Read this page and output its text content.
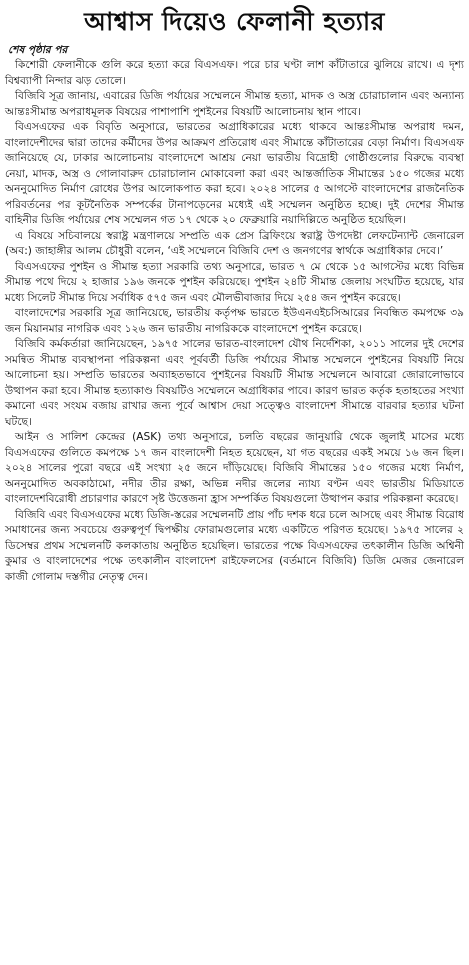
আশ্বাস দিয়েও ফেলানী হত্যার

শেষ পৃষ্ঠার পর

কিশোরী ফেলানীকে গুলি করে হত্যা করে বিএসএফ। পরে চার ঘণ্টা লাশ কাঁটাতারে ঝুলিয়ে রাখে। এ দৃশ্য বিশ্বব্যাপী নিন্দার ঝড় তোলে।

বিজিবি সূত্র জানায়, এবারের ডিজি পর্যায়ের সম্মেলনে সীমান্ত হত্যা, মাদক ও অস্ত্র চোরাচালান এবং অন্যান্য আন্তঃসীমান্ত অপরাধমূলক বিষয়ের পাশাপাশি পুশইনের বিষয়টি আলোচনায় স্থান পাবে।

বিএসএফের এক বিবৃতি অনুসারে, ভারতের অগ্রাধিকারের মধ্যে থাকবে আন্তঃসীমান্ত অপরাধ দমন, বাংলাদেশীদের দ্বারা তাদের কর্মীদের উপর আক্রমণ প্রতিরোধ এবং সীমান্তে কাঁটাতারের বেড়া নির্মাণ। বিএসএফ জানিয়েছে যে, ঢাকার আলোচনায় বাংলাদেশে আশ্রয় নেয়া ভারতীয় বিদ্রোহী গোষ্ঠীগুলোর বিরুদ্ধে ব্যবস্থা নেয়া, মাদক, অস্ত্র ও গোলাবারুদ চোরাচালান মোকাবেলা করা এবং আন্তর্জাতিক সীমান্তের ১৫০ গজের মধ্যে অননুমোদিত নির্মাণ রোধের উপর আলোকপাত করা হবে। ২০২৪ সালের ৫ আগস্টে বাংলাদেশের রাজনৈতিক পরিবর্তনের পর কূটনৈতিক সম্পর্কের টানাপড়েনের মধ্যেই এই সম্মেলন অনুষ্ঠিত হচ্ছে। দুই দেশের সীমান্ত বাহিনীর ডিজি পর্যায়ের শেষ সম্মেলন গত ১৭ থেকে ২০ ফেব্রুয়ারি নয়াদিল্লিতে অনুষ্ঠিত হয়েছিল।

এ বিষয়ে সচিবালয়ে স্বরাষ্ট্র মন্ত্রণালয়ে সম্প্রতি এক প্রেস ব্রিফিংয়ে স্বরাষ্ট্র উপদেষ্টা লেফটেন্যান্ট জেনারেল (অব:) জাহাঙ্গীর আলম চৌধুরী বলেন, ‘এই সম্মেলনে বিজিবি দেশ ও জনগণের স্বার্থকে অগ্রাধিকার দেবে।’

বিএসএফের পুশইন ও সীমান্ত হত্যা সরকারি তথ্য অনুসারে, ভারত ৭ মে থেকে ১৫ আগস্টের মধ্যে বিভিন্ন সীমান্ত পথে দিয়ে ২ হাজার ১৯৬ জনকে পুশইন করিয়েছে। পুশইন ২৪টি সীমান্ত জেলায় সংঘটিত হয়েছে, যার মধ্যে সিলেট সীমান্ত দিয়ে সর্বাধিক ৫৭৫ জন এবং মৌলভীবাজার দিয়ে ২৫৪ জন পুশইন করেছে।

বাংলাদেশের সরকারি সূত্র জানিয়েছে, ভারতীয় কর্তৃপক্ষ ভারতে ইউএনএইচসিআরের নিবন্ধিত কমপক্ষে ৩৯ জন মিয়ানমার নাগরিক এবং ১২৬ জন ভারতীয় নাগরিককে বাংলাদেশে পুশইন করেছে।

বিজিবি কর্মকর্তারা জানিয়েছেন, ১৯৭৫ সালের ভারত-বাংলাদেশ যৌথ নির্দেশিকা, ২০১১ সালের দুই দেশের সমন্বিত সীমান্ত ব্যবস্থাপনা পরিকল্পনা এবং পূর্ববর্তী ডিজি পর্যায়ের সীমান্ত সম্মেলনে পুশইনের বিষয়টি নিয়ে আলোচনা হয়। সম্প্রতি ভারতের অব্যাহতভাবে পুশইনের বিষয়টি সীমান্ত সম্মেলনে আবারো জোরালোভাবে উত্থাপন করা হবে। সীমান্ত হত্যাকাণ্ড বিষয়টিও সম্মেলনে অগ্রাধিকার পাবে। কারণ ভারত কর্তৃক হতাহতের সংখ্যা কমানো এবং সংযম বজায় রাখার জন্য পূর্বে আশ্বাস দেয়া সত্ত্বেও বাংলাদেশ সীমান্তে বারবার হত্যার ঘটনা ঘটছে।

আইন ও সালিশ কেন্দ্রের (ASK) তথ্য অনুসারে, চলতি বছরের জানুয়ারি থেকে জুলাই মাসের মধ্যে বিএসএফের গুলিতে কমপক্ষে ১৭ জন বাংলাদেশী নিহত হয়েছেন, যা গত বছরের একই সময়ে ১৬ জন ছিল। ২০২৪ সালের পুরো বছরে এই সংখ্যা ২৫ জনে দাঁড়িয়েছে। বিজিবি সীমান্তের ১৫০ গজের মধ্যে নির্মাণ, অননুমোদিত অবকাঠামো, নদীর তীর রক্ষা, অভিন্ন নদীর জলের ন্যায্য বণ্টন এবং ভারতীয় মিডিয়াতে বাংলাদেশবিরোধী প্রচারণার কারণে সৃষ্ট উত্তেজনা হ্রাস সম্পর্কিত বিষয়গুলো উত্থাপন করার পরিকল্পনা করেছে।

বিজিবি এবং বিএসএফের মধ্যে ডিজি-স্তরের সম্মেলনটি প্রায় পাঁচ দশক ধরে চলে আসছে এবং সীমান্ত বিরোধ সমাধানের জন্য সবচেয়ে গুরুত্বপূর্ণ দ্বিপক্ষীয় ফোরামগুলোর মধ্যে একটিতে পরিণত হয়েছে। ১৯৭৫ সালের ২ ডিসেম্বর প্রথম সম্মেলনটি কলকাতায় অনুষ্ঠিত হয়েছিল। ভারতের পক্ষে বিএসএফের তৎকালীন ডিজি অশ্বিনী কুমার ও বাংলাদেশের পক্ষে তৎকালীন বাংলাদেশ রাইফেলসের (বর্তমানে বিজিবি) ডিজি মেজর জেনারেল কাজী গোলাম দস্তগীর নেতৃত্ব দেন।
